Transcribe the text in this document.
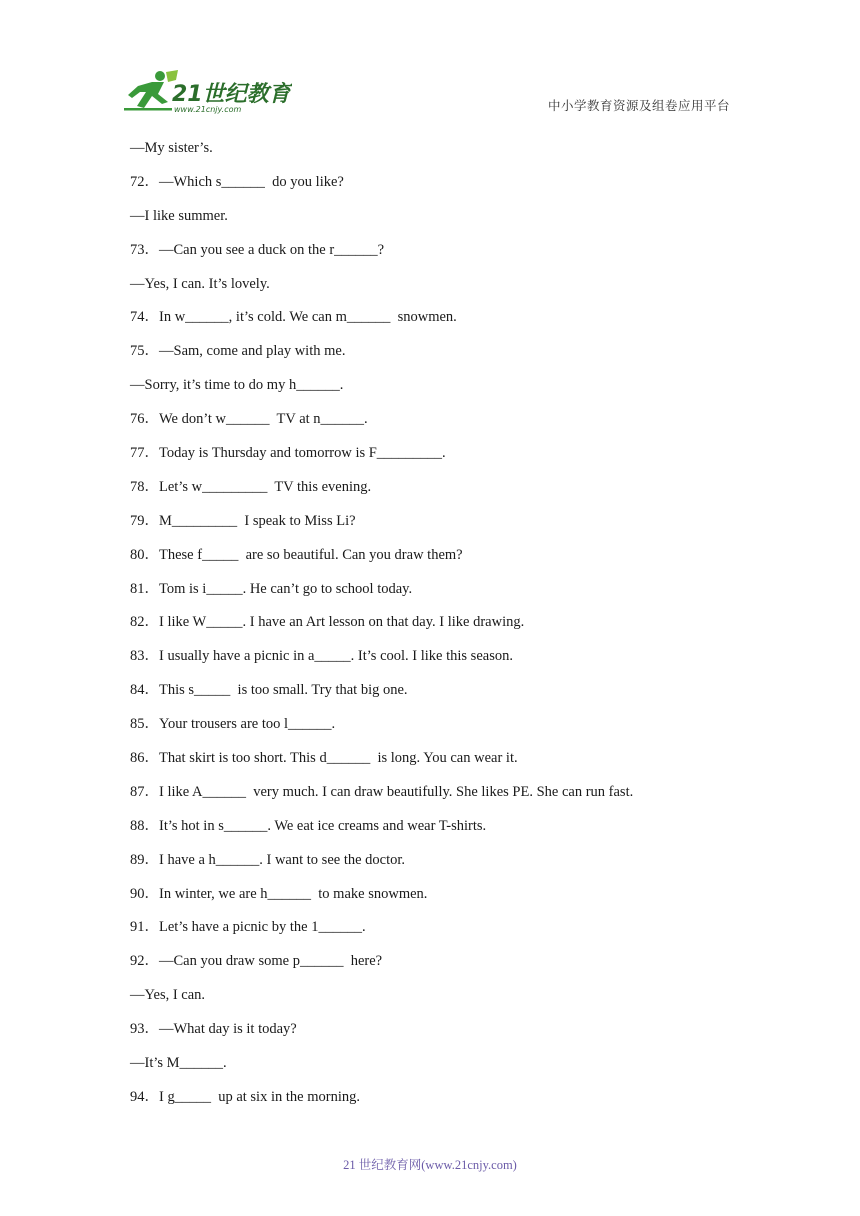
21世纪教育
www.21cnjy.com	中小学教育资源及组卷应用平台
—My sister’s.
72．—Which s______  do you like?
—I like summer.
73．—Can you see a duck on the r______?
—Yes, I can. It’s lovely.
74．In w______, it’s cold. We can m______  snowmen.
75．—Sam, come and play with me.
—Sorry, it’s time to do my h______.
76．We don’t w______  TV at n______.
77．Today is Thursday and tomorrow is F_________.
78．Let’s w_________  TV this evening.
79．M_________  I speak to Miss Li?
80．These f_____  are so beautiful. Can you draw them?
81．Tom is i_____. He can’t go to school today.
82．I like W_____. I have an Art lesson on that day. I like drawing.
83．I usually have a picnic in a_____. It’s cool. I like this season.
84．This s_____  is too small. Try that big one.
85．Your trousers are too l______.
86．That skirt is too short. This d______  is long. You can wear it.
87．I like A______  very much. I can draw beautifully. She likes PE. She can run fast.
88．It’s hot in s______. We eat ice creams and wear T-shirts.
89．I have a h______. I want to see the doctor.
90．In winter, we are h______  to make snowmen.
91．Let’s have a picnic by the 1______.
92．—Can you draw some p______  here?
—Yes, I can.
93．—What day is it today?
—It’s M______.
94．I g_____  up at six in the morning.
21 世纪教育网(www.21cnjy.com)
